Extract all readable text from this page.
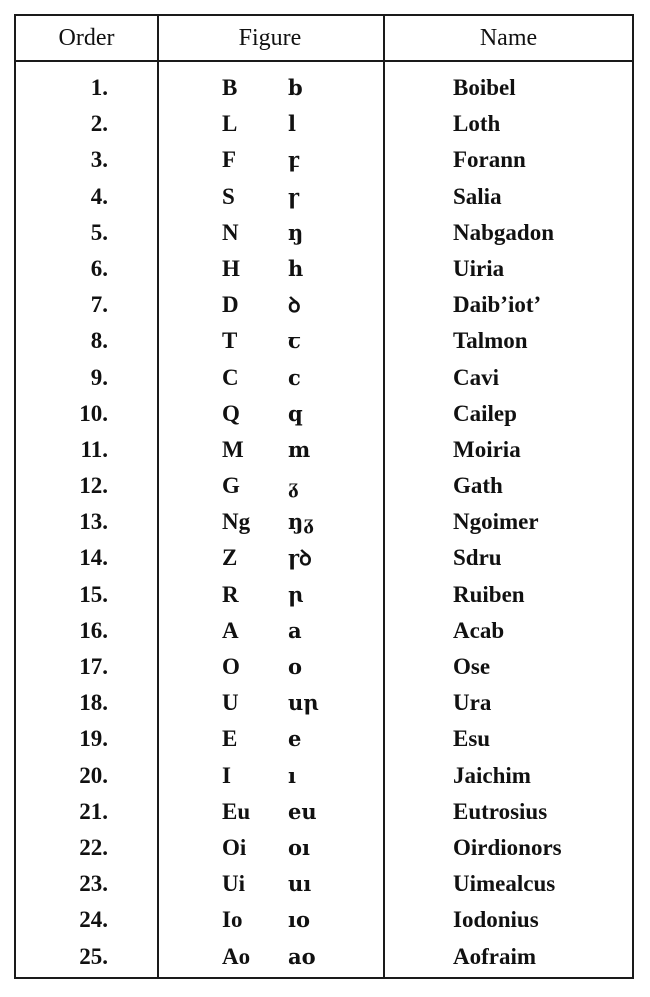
Order	Figure	Name
1.	B	b	Boibel
2.	L	l	Loth
3.	F	ꝼ	Forann
4.	S	ꞅ	Salia
5.	N	ŋ	Nabgadon
6.	H	h	Uiria
7.	D	ꝺ	Daib’iot’
8.	T	ꞇ	Talmon
9.	C	c	Cavi
10.	Q	q	Cailep
11.	M	m	Moiria
12.	G	ᵹ	Gath
13.	Ng	ŋᵹ	Ngoimer
14.	Z	ꞅꝺ	Sdru
15.	R	ꞃ	Ruiben
16.	A	a	Acab
17.	O	o	Ose
18.	U	uꞃ	Ura
19.	E	e	Esu
20.	I	ı	Jaichim
21.	Eu	eu	Eutrosius
22.	Oi	oı	Oirdionors
23.	Ui	uı	Uimealcus
24.	Io	ıo	Iodonius
25.	Ao	ao	Aofraim
